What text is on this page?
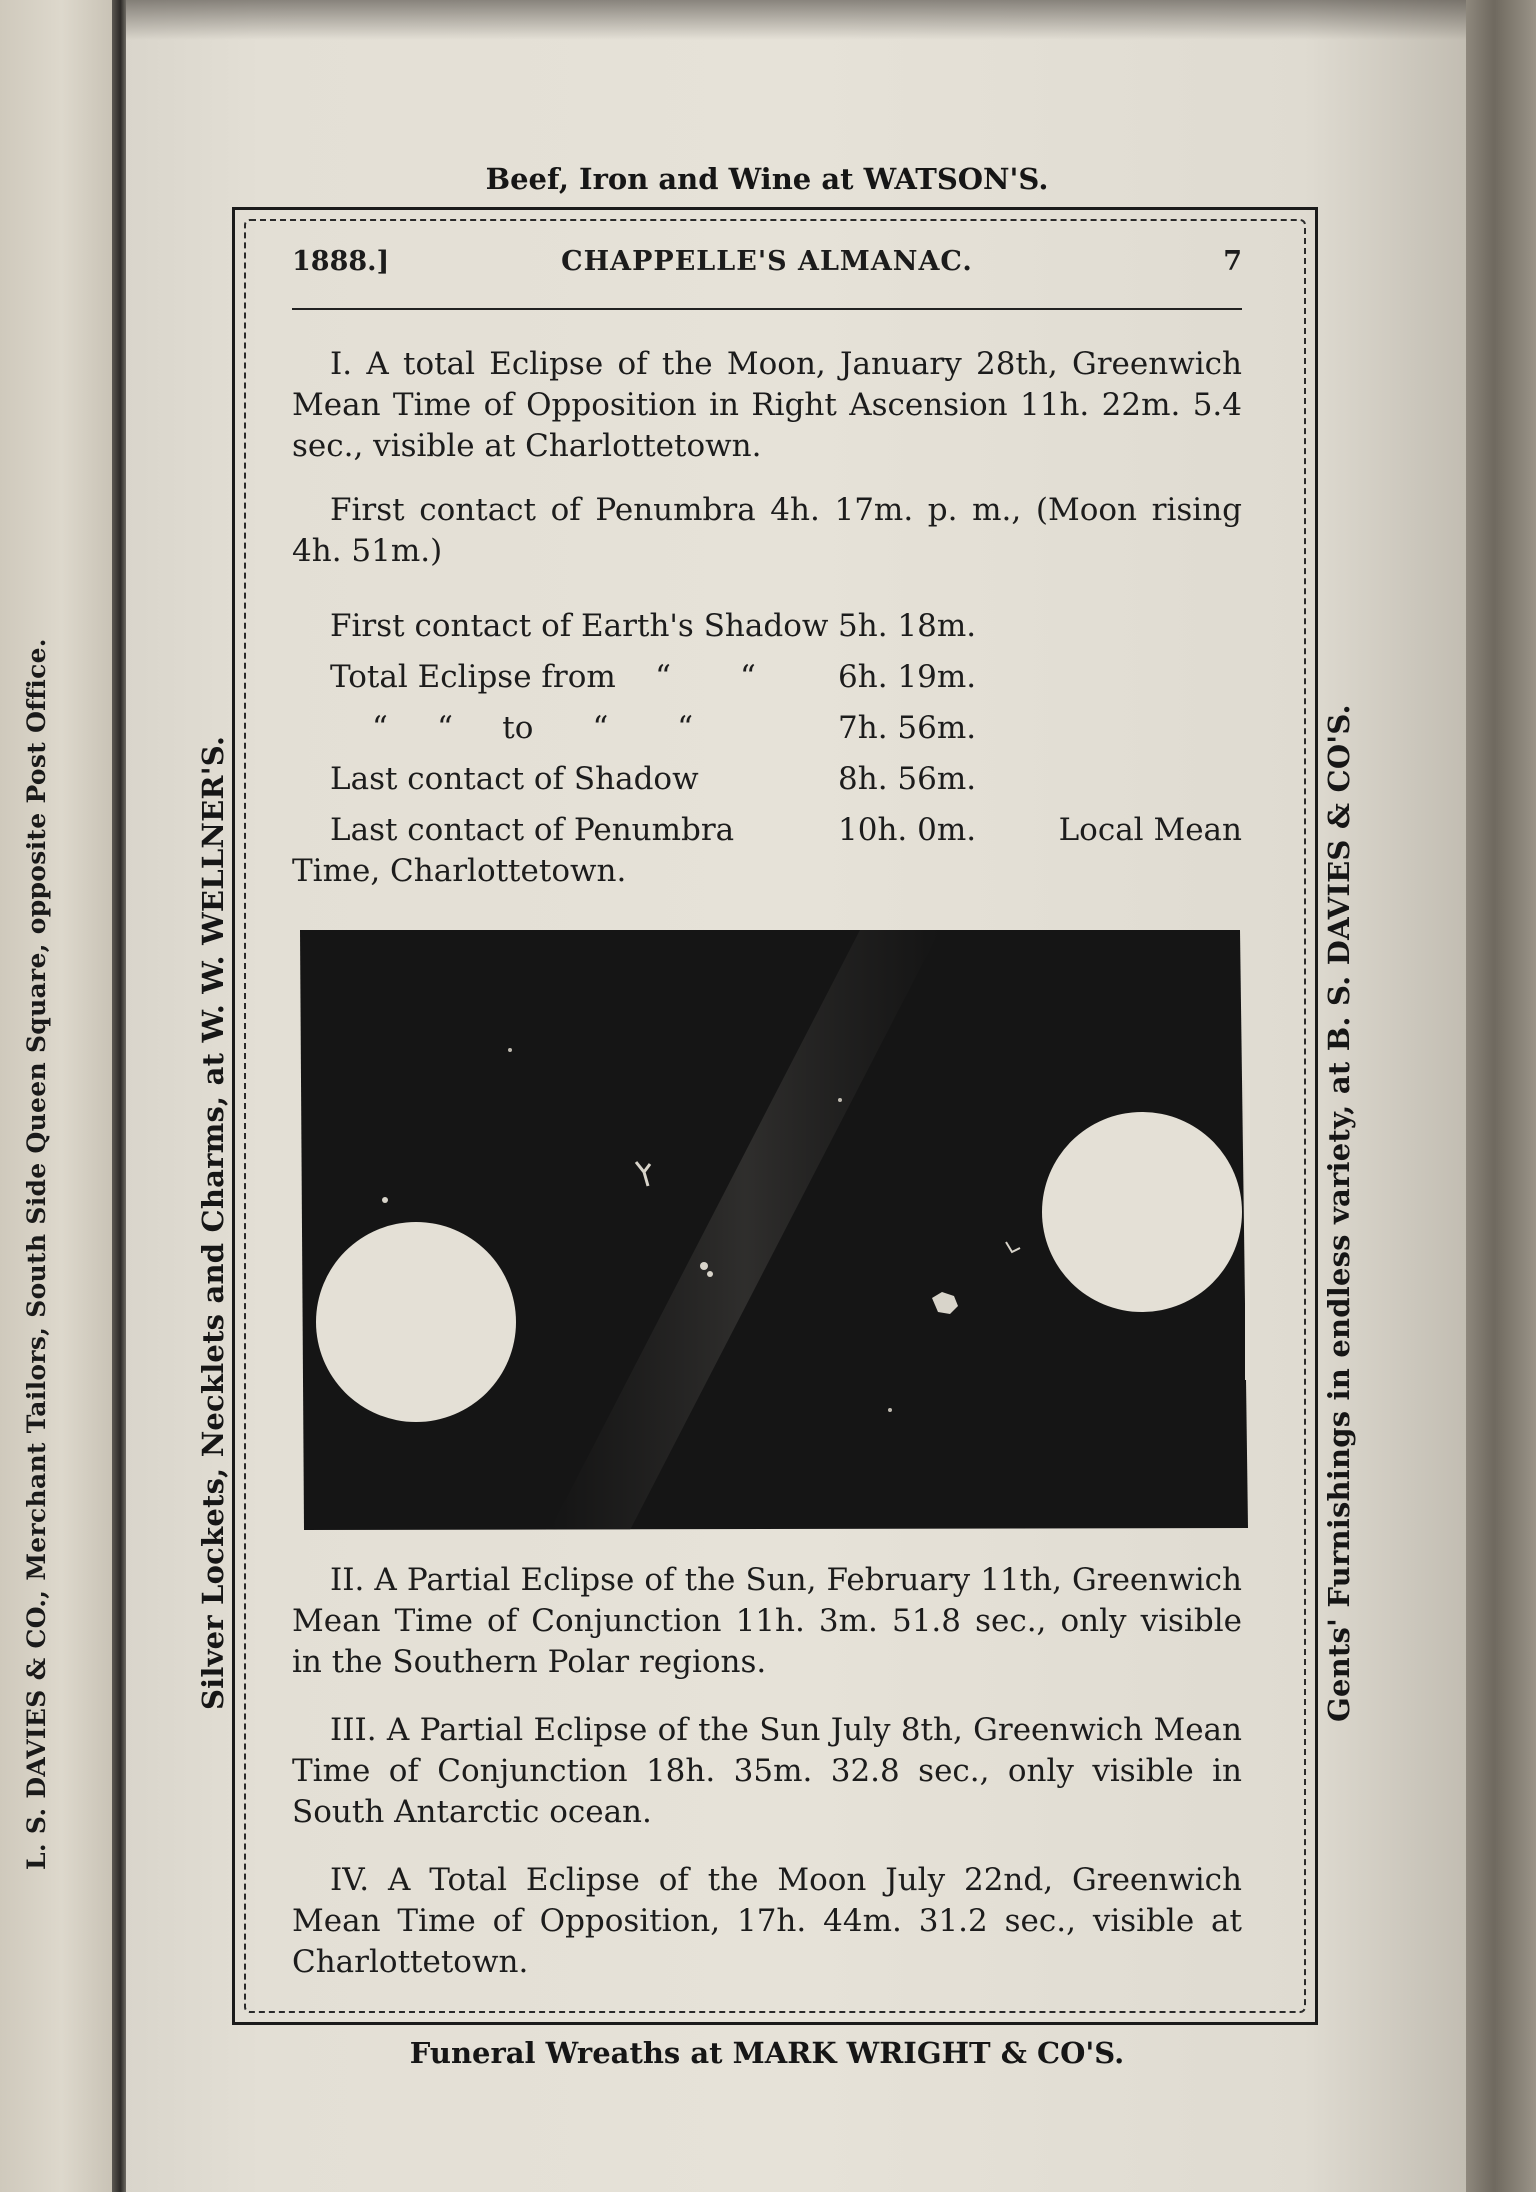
L. S. DAVIES & CO., Merchant Tailors, South Side Queen Square, opposite Post Office.
Beef, Iron and Wine at WATSON'S.
Silver Lockets, Necklets and Charms, at W. W. WELLNER'S.	Gents' Furnishings in endless variety, at B. S. DAVIES & CO'S.
Funeral Wreaths at MARK WRIGHT & CO'S.
1888.]	CHAPPELLE'S ALMANAC.	7
I. A total Eclipse of the Moon, January 28th, Greenwich Mean Time of Opposition in Right Ascension 11h. 22m. 5.4 sec., visible at Charlottetown.
First contact of Penumbra 4h. 17m. p. m., (Moon rising 4h. 51m.)
First contact of Earth's Shadow 5h. 18m.
Total Eclipse from    “       “	6h. 19m.
“     “     to      “       “	7h. 56m.
Last contact of Shadow	8h. 56m.
Last contact of Penumbra	10h. 0m.	Local Mean
Time, Charlottetown.
II. A Partial Eclipse of the Sun, February 11th, Greenwich Mean Time of Conjunction 11h. 3m. 51.8 sec., only visible in the Southern Polar regions.
III. A Partial Eclipse of the Sun July 8th, Greenwich Mean Time of Conjunction 18h. 35m. 32.8 sec., only visible in South Antarctic ocean.
IV. A Total Eclipse of the Moon July 22nd, Greenwich Mean Time of Opposition, 17h. 44m. 31.2 sec., visible at Charlottetown.
